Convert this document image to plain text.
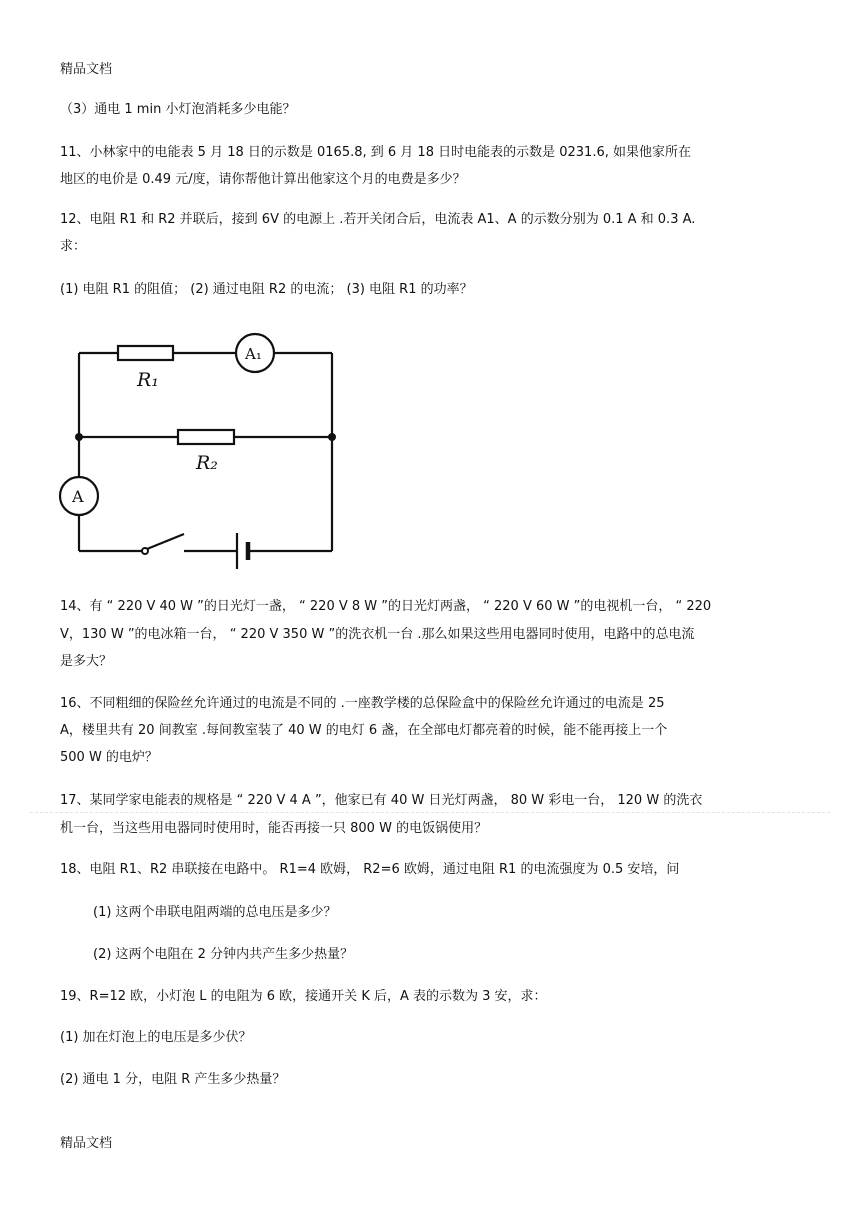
精品文档

（3）通电 1 min 小灯泡消耗多少电能？

11、小林家中的电能表 5 月 18 日的示数是 0165.8, 到 6 月 18 日时电能表的示数是 0231.6, 如果他家所在

地区的电价是 0.49 元/度，请你帮他计算出他家这个月的电费是多少？

12、电阻 R1 和 R2 并联后，接到 6V 的电源上 .若开关闭合后，电流表 A1、A 的示数分别为 0.1 A 和 0.3 A.

求：

(1) 电阻 R1 的阻值； (2) 通过电阻 R2 的电流； (3) 电阻 R1 的功率？

R₁
A₁
R₂
A

14、有 “ 220 V 40 W ”的日光灯一盏， “ 220 V 8 W ”的日光灯两盏， “ 220 V 60 W ”的电视机一台， “ 220

V，130 W ”的电冰箱一台， “ 220 V 350 W ”的洗衣机一台 .那么如果这些用电器同时使用，电路中的总电流

是多大？

16、不同粗细的保险丝允许通过的电流是不同的 .一座教学楼的总保险盒中的保险丝允许通过的电流是 25

A，楼里共有 20 间教室 .每间教室装了 40 W 的电灯 6 盏，在全部电灯都亮着的时候，能不能再接上一个

500 W 的电炉？

17、某同学家电能表的规格是 “ 220 V 4 A ”，他家已有 40 W 日光灯两盏， 80 W 彩电一台， 120 W 的洗衣

机一台，当这些用电器同时使用时，能否再接一只 800 W 的电饭锅使用？

18、电阻 R1、R2 串联接在电路中。 R1=4 欧姆， R2=6 欧姆，通过电阻 R1 的电流强度为 0.5 安培，问

(1) 这两个串联电阻两端的总电压是多少？

(2) 这两个电阻在 2 分钟内共产生多少热量？

19、R=12 欧，小灯泡 L 的电阻为 6 欧，接通开关 K 后，A 表的示数为 3 安，求：

(1) 加在灯泡上的电压是多少伏？

(2) 通电 1 分，电阻 R 产生多少热量？

精品文档
